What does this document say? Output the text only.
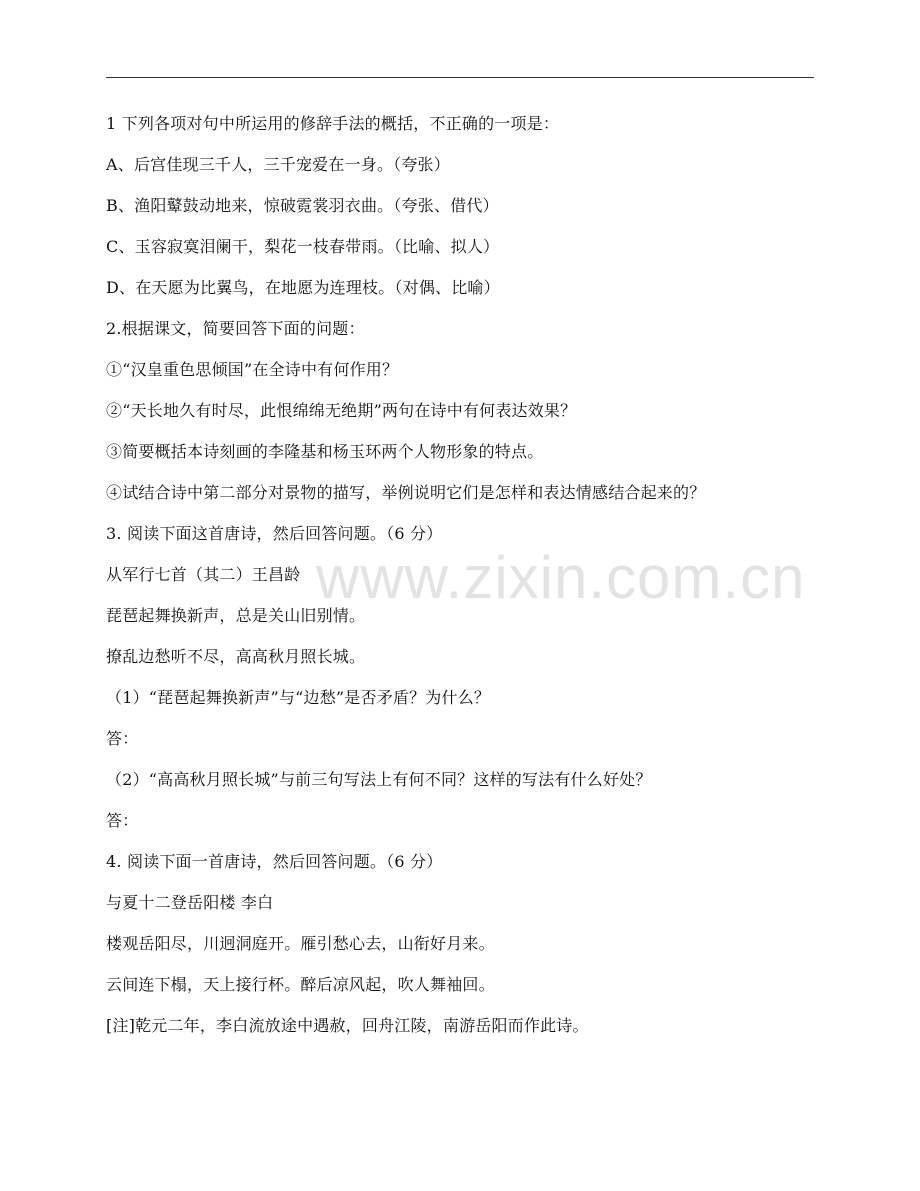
www.zixin.com.cn
1 下列各项对句中所运用的修辞手法的概括，不正确的一项是：
A、后宫佳现三千人，三千宠爱在一身。（夸张）
B、渔阳鼙鼓动地来，惊破霓裳羽衣曲。（夸张、借代）
C、玉容寂寞泪阑干，梨花一枝春带雨。（比喻、拟人）
D、在天愿为比翼鸟，在地愿为连理枝。（对偶、比喻）
2.根据课文，简要回答下面的问题：
①“汉皇重色思倾国”在全诗中有何作用？
②“天长地久有时尽，此恨绵绵无绝期”两句在诗中有何表达效果？
③简要概括本诗刻画的李隆基和杨玉环两个人物形象的特点。
④试结合诗中第二部分对景物的描写，举例说明它们是怎样和表达情感结合起来的？
3. 阅读下面这首唐诗，然后回答问题。（6 分）
从军行七首（其二）王昌龄
琵琶起舞换新声，总是关山旧别情。
撩乱边愁听不尽，高高秋月照长城。
（1）“琵琶起舞换新声”与“边愁”是否矛盾？为什么？
答：
（2）“高高秋月照长城”与前三句写法上有何不同？这样的写法有什么好处？
答：
4. 阅读下面一首唐诗，然后回答问题。（6 分）
与夏十二登岳阳楼 李白
楼观岳阳尽，川迥洞庭开。雁引愁心去，山衔好月来。
云间连下榻，天上接行杯。醉后凉风起，吹人舞袖回。
[注]乾元二年，李白流放途中遇赦，回舟江陵，南游岳阳而作此诗。
